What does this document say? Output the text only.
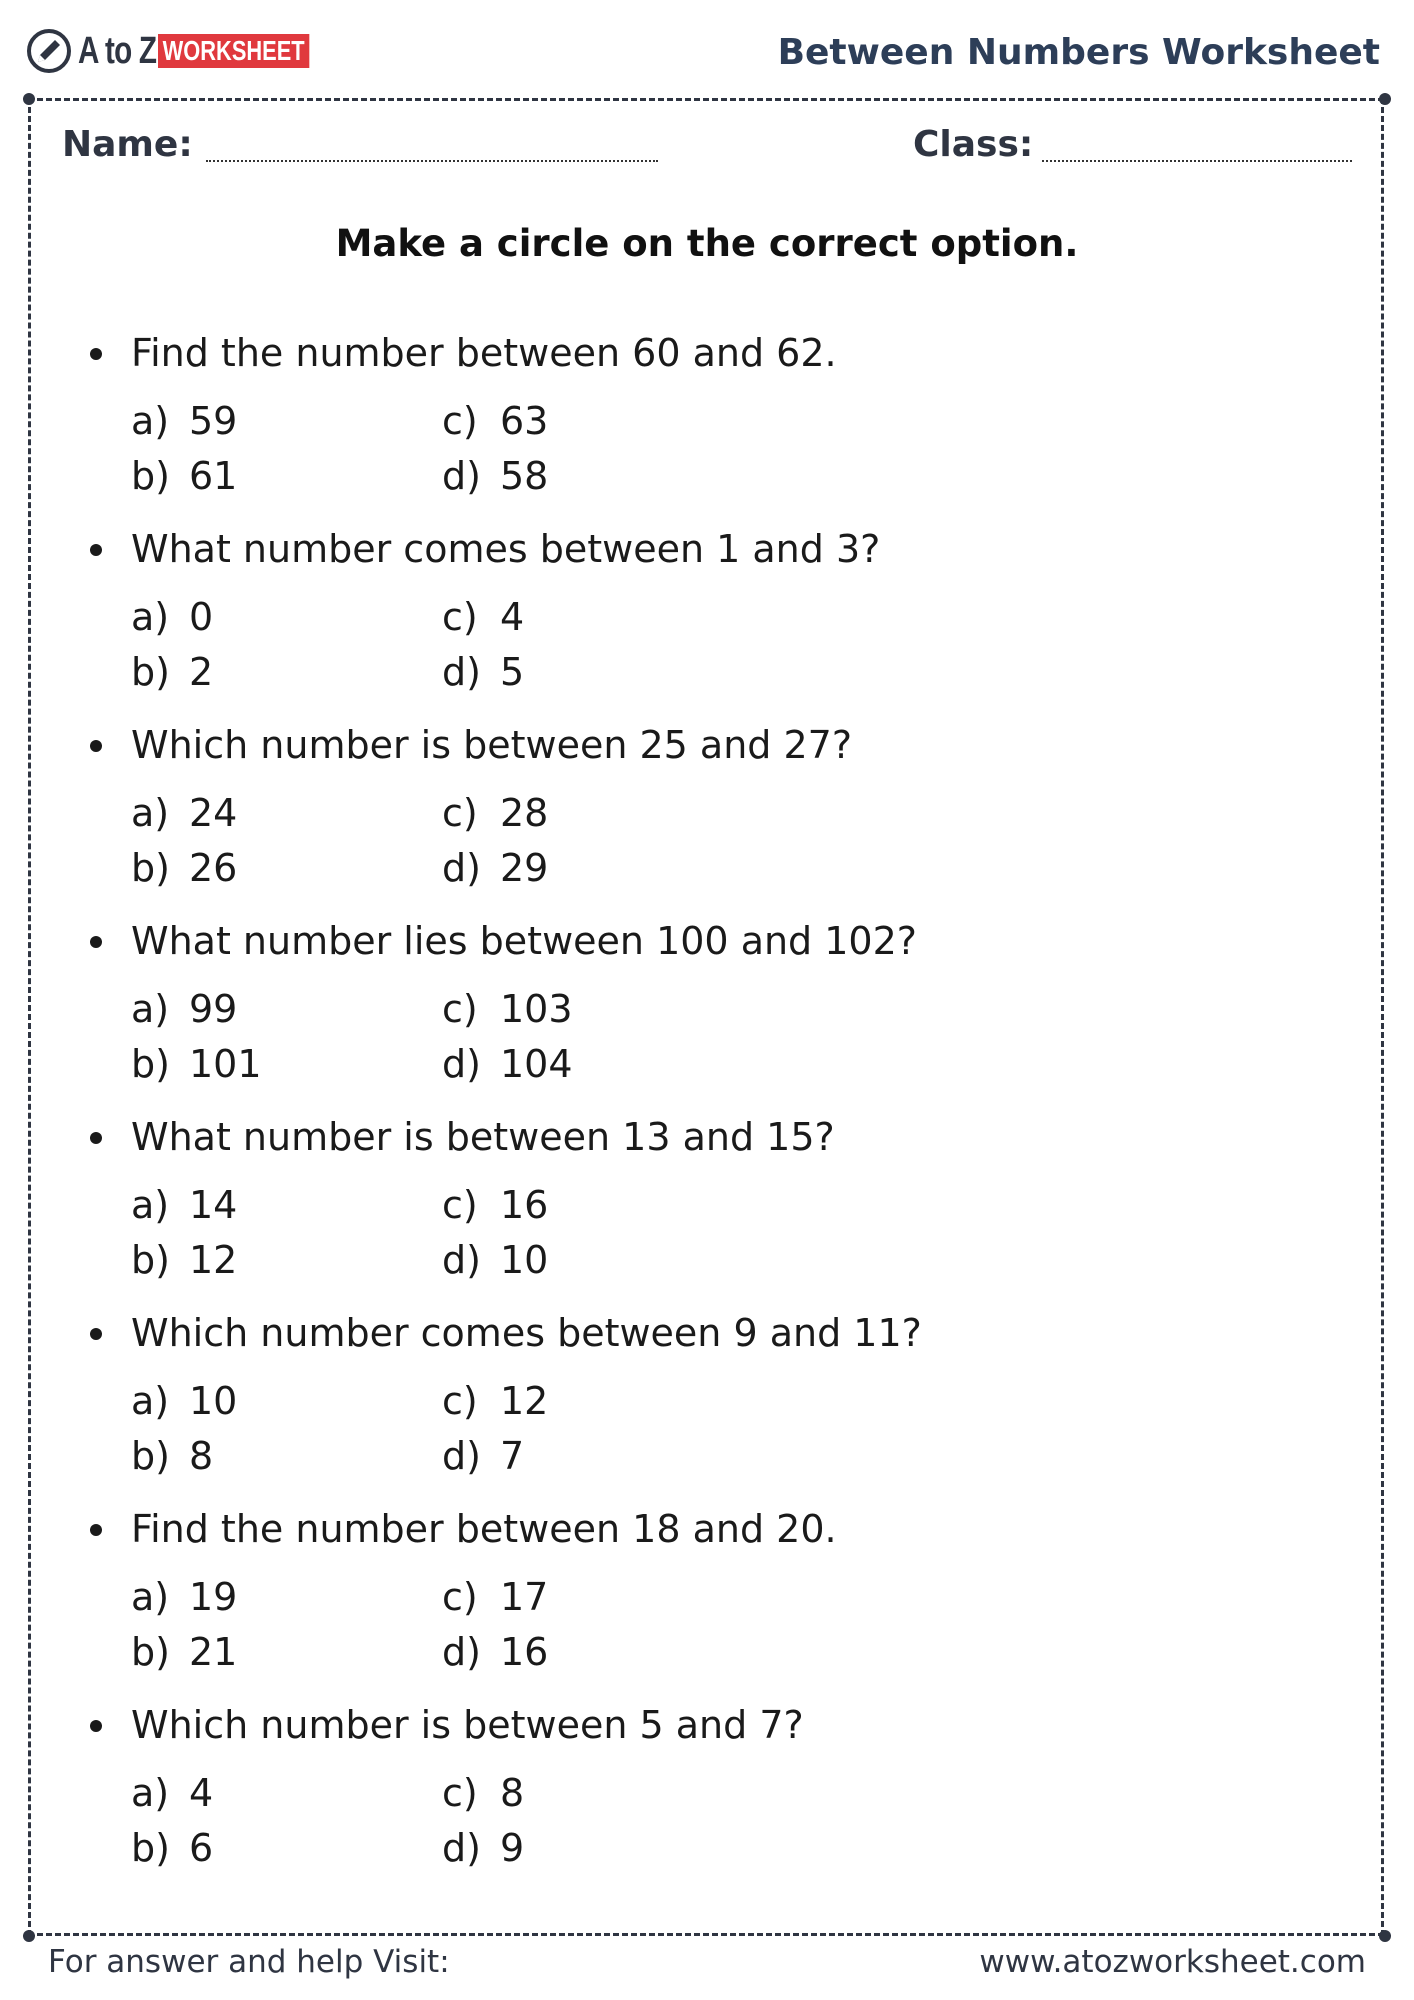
A to Z WORKSHEET	Between Numbers Worksheet
Name:	Class:
Make a circle on the correct option.
Find the number between 60 and 62.
a) 59
b) 61
c) 63
d) 58
What number comes between 1 and 3?
a) 0
b) 2
c) 4
d) 5
Which number is between 25 and 27?
a) 24
b) 26
c) 28
d) 29
What number lies between 100 and 102?
a) 99
b) 101
c) 103
d) 104
What number is between 13 and 15?
a) 14
b) 12
c) 16
d) 10
Which number comes between 9 and 11?
a) 10
b) 8
c) 12
d) 7
Find the number between 18 and 20.
a) 19
b) 21
c) 17
d) 16
Which number is between 5 and 7?
a) 4
b) 6
c) 8
d) 9
For answer and help Visit:	www.atozworksheet.com
